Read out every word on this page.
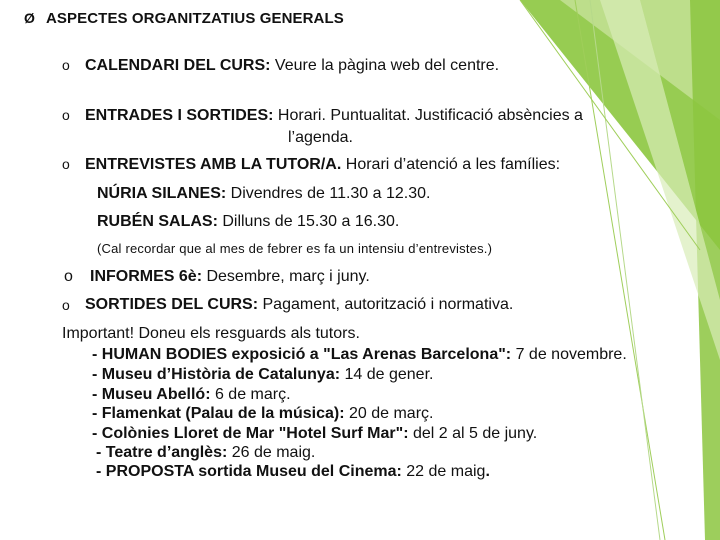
Ø ASPECTES ORGANITZATIUS GENERALS
o CALENDARI DEL CURS: Veure la pàgina web del centre.
o ENTRADES I SORTIDES: Horari. Puntualitat. Justificació absències a
l’agenda.
o ENTREVISTES AMB LA TUTOR/A. Horari d’atenció a les famílies:
NÚRIA SILANES: Divendres de 11.30 a 12.30.
RUBÉN SALAS: Dilluns de 15.30 a 16.30.
(Cal recordar que al mes de febrer es fa un intensiu d’entrevistes.)
o INFORMES 6è: Desembre, març i juny.
o SORTIDES DEL CURS: Pagament, autorització i normativa.
Important! Doneu els resguards als tutors.
- HUMAN BODIES exposició a "Las Arenas Barcelona": 7 de novembre.
- Museu d’Història de Catalunya: 14 de gener.
- Museu Abelló: 6 de març.
- Flamenkat (Palau de la música): 20 de març.
- Colònies Lloret de Mar "Hotel Surf Mar": del 2 al 5 de juny.
- Teatre d’anglès: 26 de maig.
- PROPOSTA sortida Museu del Cinema: 22 de maig.
